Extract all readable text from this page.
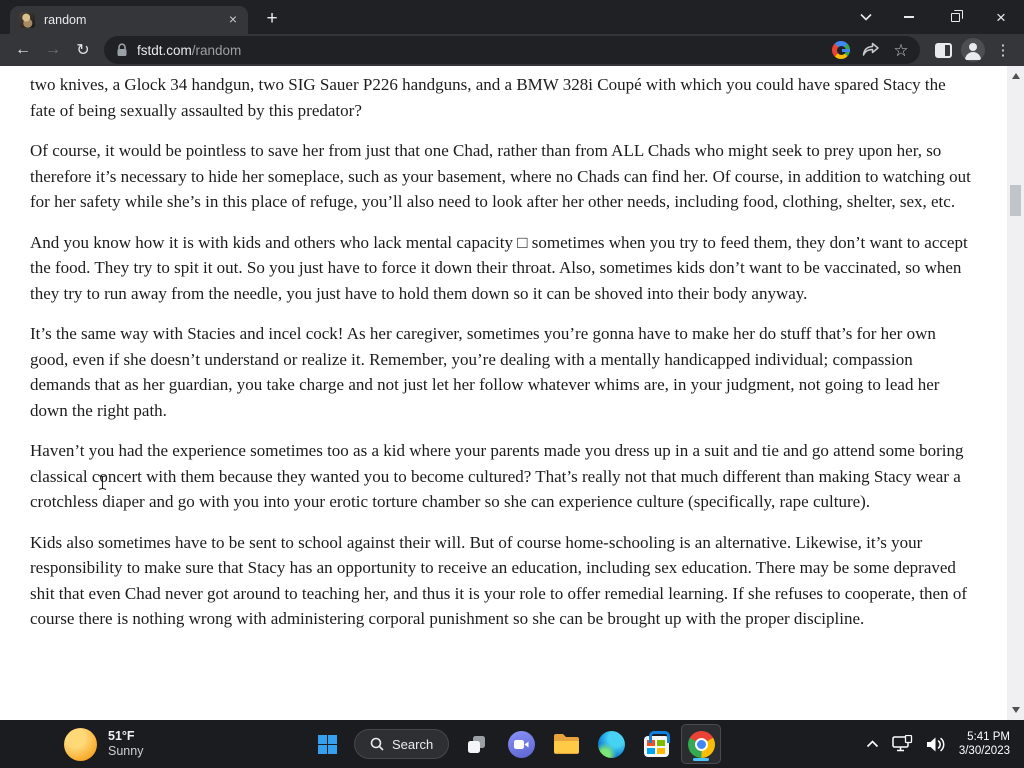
random	×	+	×
← → ↻	fstdt.com /random	☆	⋮

two knives, a Glock 34 handgun, two SIG Sauer P226 handguns, and a BMW 328i Coupé with which you could have spared Stacy the fate of being sexually assaulted by this predator?

Of course, it would be pointless to save her from just that one Chad, rather than from ALL Chads who might seek to prey upon her, so therefore it’s necessary to hide her someplace, such as your basement, where no Chads can find her. Of course, in addition to watching out for her safety while she’s in this place of refuge, you’ll also need to look after her other needs, including food, clothing, shelter, sex, etc.

And you know how it is with kids and others who lack mental capacity □ sometimes when you try to feed them, they don’t want to accept the food. They try to spit it out. So you just have to force it down their throat. Also, sometimes kids don’t want to be vaccinated, so when they try to run away from the needle, you just have to hold them down so it can be shoved into their body anyway.

It’s the same way with Stacies and incel cock! As her caregiver, sometimes you’re gonna have to make her do stuff that’s for her own good, even if she doesn’t understand or realize it. Remember, you’re dealing with a mentally handicapped individual; compassion demands that as her guardian, you take charge and not just let her follow whatever whims are, in your judgment, not going to lead her down the right path.

Haven’t you had the experience sometimes too as a kid where your parents made you dress up in a suit and tie and go attend some boring classical concert with them because they wanted you to become cultured? That’s really not that much different than making Stacy wear a crotchless diaper and go with you into your erotic torture chamber so she can experience culture (specifically, rape culture).

Kids also sometimes have to be sent to school against their will. But of course home-schooling is an alternative. Likewise, it’s your responsibility to make sure that Stacy has an opportunity to receive an education, including sex education. There may be some depraved shit that even Chad never got around to teaching her, and thus it is your role to offer remedial learning. If she refuses to cooperate, then of course there is nothing wrong with administering corporal punishment so she can be brought up with the proper discipline.

51°F
Sunny	Search	5:41 PM
3/30/2023
